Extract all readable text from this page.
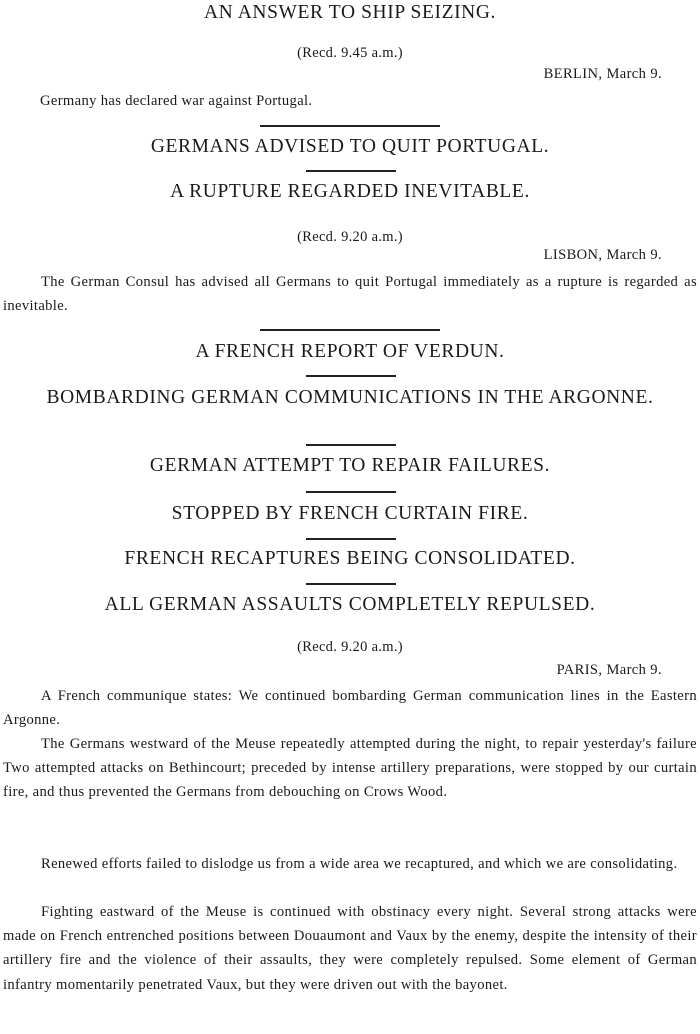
AN ANSWER TO SHIP SEIZING.
(Recd. 9.45 a.m.)
BERLIN, March 9.

Germany has declared war against Portugal.

GERMANS ADVISED TO QUIT PORTUGAL.
A RUPTURE REGARDED INEVITABLE.
(Recd. 9.20 a.m.)
LISBON, March 9.

The German Consul has advised all Germans to quit Portugal immediately as a rupture is regarded as inevitable.

A FRENCH REPORT OF VERDUN.
BOMBARDING GERMAN COMMUNICATIONS IN THE ARGONNE.
GERMAN ATTEMPT TO REPAIR FAILURES.
STOPPED BY FRENCH CURTAIN FIRE.
FRENCH RECAPTURES BEING CONSOLIDATED.
ALL GERMAN ASSAULTS COMPLETELY REPULSED.
(Recd. 9.20 a.m.)
PARIS, March 9.

A French communique states: We continued bombarding German communication lines in the Eastern Argonne.

The Germans westward of the Meuse repeatedly attempted during the night, to repair yesterday's failure Two attempted attacks on Bethincourt; preceded by intense artillery preparations, were stopped by our curtain fire, and thus prevented the Germans from debouching on Crows Wood.

Renewed efforts failed to dislodge us from a wide area we recaptured, and which we are consolidating.

Fighting eastward of the Meuse is continued with obstinacy every night. Several strong attacks were made on French entrenched positions between Douaumont and Vaux by the enemy, despite the intensity of their artillery fire and the violence of their assaults, they were completely repulsed. Some element of German infantry momentarily penetrated Vaux, but they were driven out with the bayonet.
